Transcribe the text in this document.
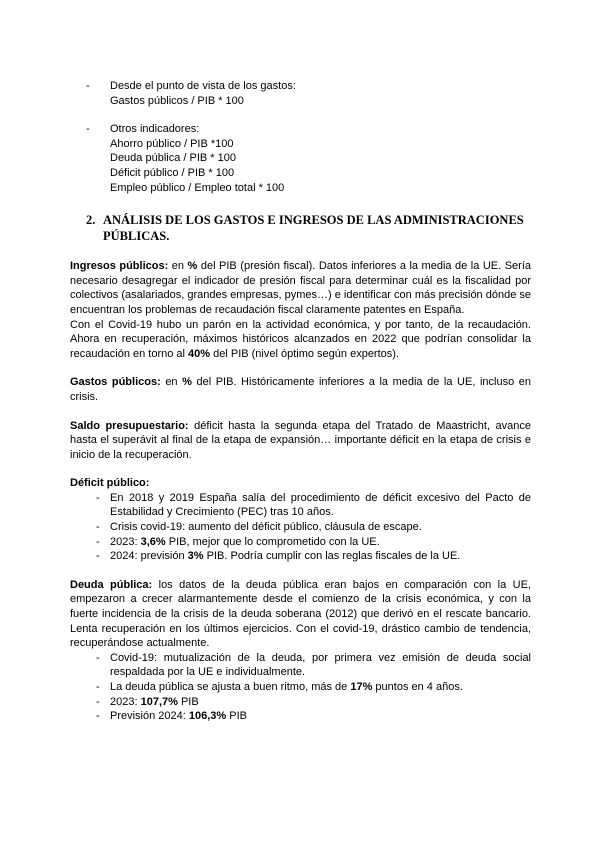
-	Desde el punto de vista de los gastos:
Gastos públicos / PIB * 100
-	Otros indicadores:
Ahorro público / PIB *100
Deuda pública / PIB * 100
Déficit público / PIB * 100
Empleo público / Empleo total * 100
2. ANÁLISIS DE LOS GASTOS E INGRESOS DE LAS ADMINISTRACIONES PÚBLICAS.

Ingresos públicos: en % del PIB (presión fiscal). Datos inferiores a la media de la UE. Sería necesario desagregar el indicador de presión fiscal para determinar cuál es la fiscalidad por colectivos (asalariados, grandes empresas, pymes…) e identificar con más precisión dónde se encuentran los problemas de recaudación fiscal claramente patentes en España.

Con el Covid-19 hubo un parón en la actividad económica, y por tanto, de la recaudación. Ahora en recuperación, máximos históricos alcanzados en 2022 que podrían consolidar la recaudación en torno al 40% del PIB (nivel óptimo según expertos).

Gastos públicos: en % del PIB. Históricamente inferiores a la media de la UE, incluso en crisis.

Saldo presupuestario: déficit hasta la segunda etapa del Tratado de Maastricht, avance hasta el superávit al final de la etapa de expansión… importante déficit en la etapa de crisis e inicio de la recuperación.

Déficit público:
- En 2018 y 2019 España salía del procedimiento de déficit excesivo del Pacto de Estabilidad y Crecimiento (PEC) tras 10 años.
- Crisis covid-19: aumento del déficit público, cláusula de escape.
- 2023: 3,6% PIB, mejor que lo comprometido con la UE.
- 2024: previsión 3% PIB. Podría cumplir con las reglas fiscales de la UE.

Deuda pública: los datos de la deuda pública eran bajos en comparación con la UE, empezaron a crecer alarmantemente desde el comienzo de la crisis económica, y con la fuerte incidencia de la crisis de la deuda soberana (2012) que derivó en el rescate bancario. Lenta recuperación en los últimos ejercicios. Con el covid-19, drástico cambio de tendencia, recuperándose actualmente.

- Covid-19: mutualización de la deuda, por primera vez emisión de deuda social respaldada por la UE e individualmente.
- La deuda pública se ajusta a buen ritmo, más de 17% puntos en 4 años.
- 2023: 107,7% PIB
- Previsión 2024: 106,3% PIB
